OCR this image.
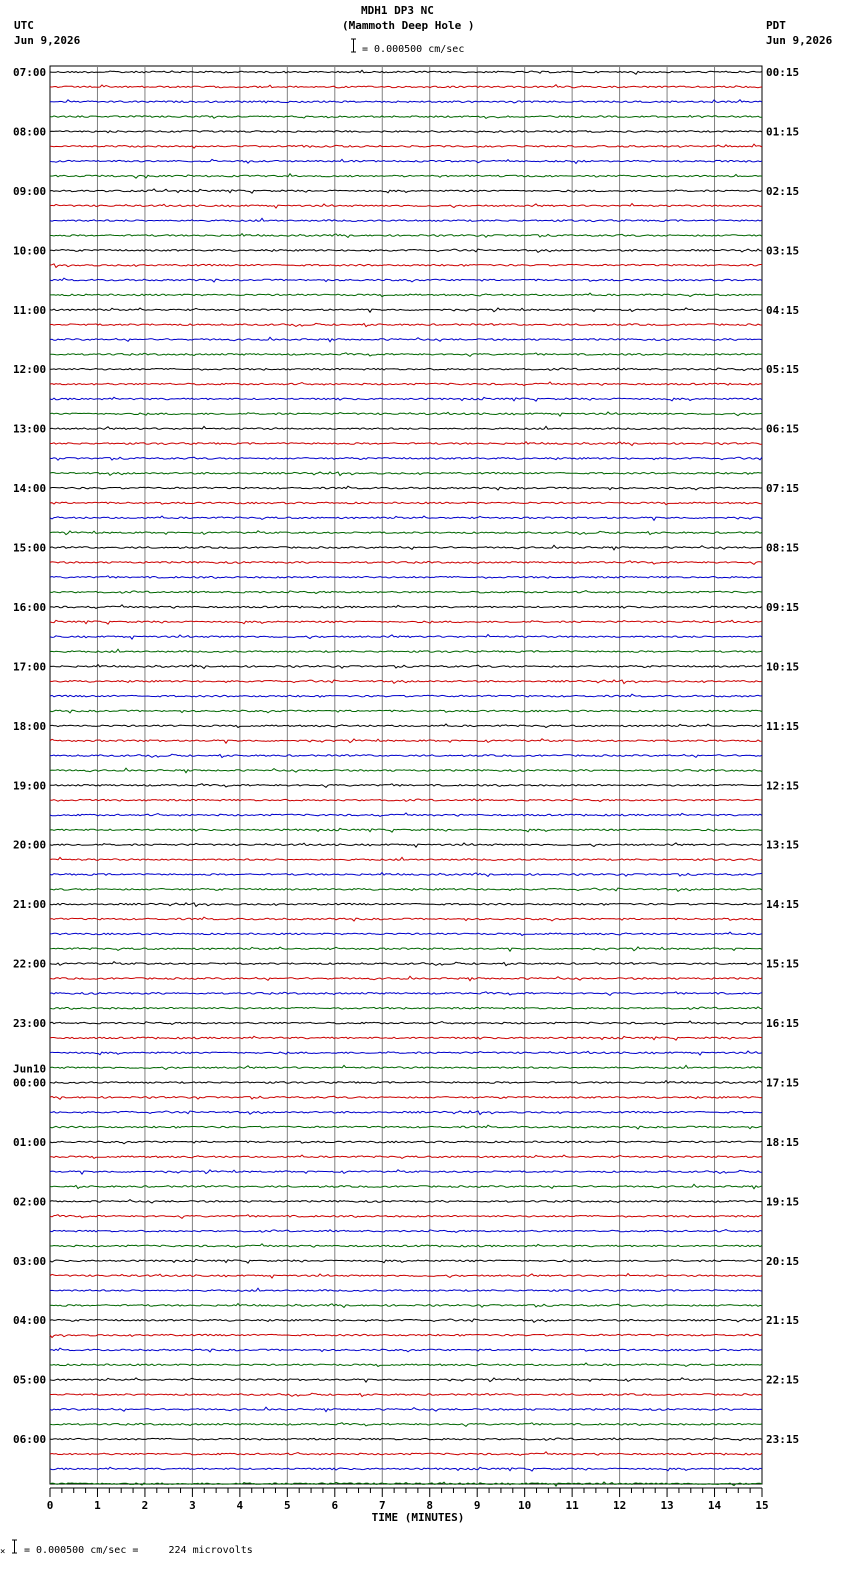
MDH1 DP3 NC
(Mammoth Deep Hole )
UTC
Jun 9,2026
PDT
Jun 9,2026
= 0.000500 cm/sec
07:00
08:00
09:00
10:00
11:00
12:00
13:00
14:00
15:00
16:00
17:00
18:00
19:00
20:00
21:00
22:00
23:00
00:00
Jun10
01:00
02:00
03:00
04:00
05:00
06:00
00:15
01:15
02:15
03:15
04:15
05:15
06:15
07:15
08:15
09:15
10:15
11:15
12:15
13:15
14:15
15:15
16:15
17:15
18:15
19:15
20:15
21:15
22:15
23:15
0	1	2	3	4	5	6	7	8	9	10	11	12	13	14	15
TIME (MINUTES)
× = 0.000500 cm/sec =     224 microvolts
